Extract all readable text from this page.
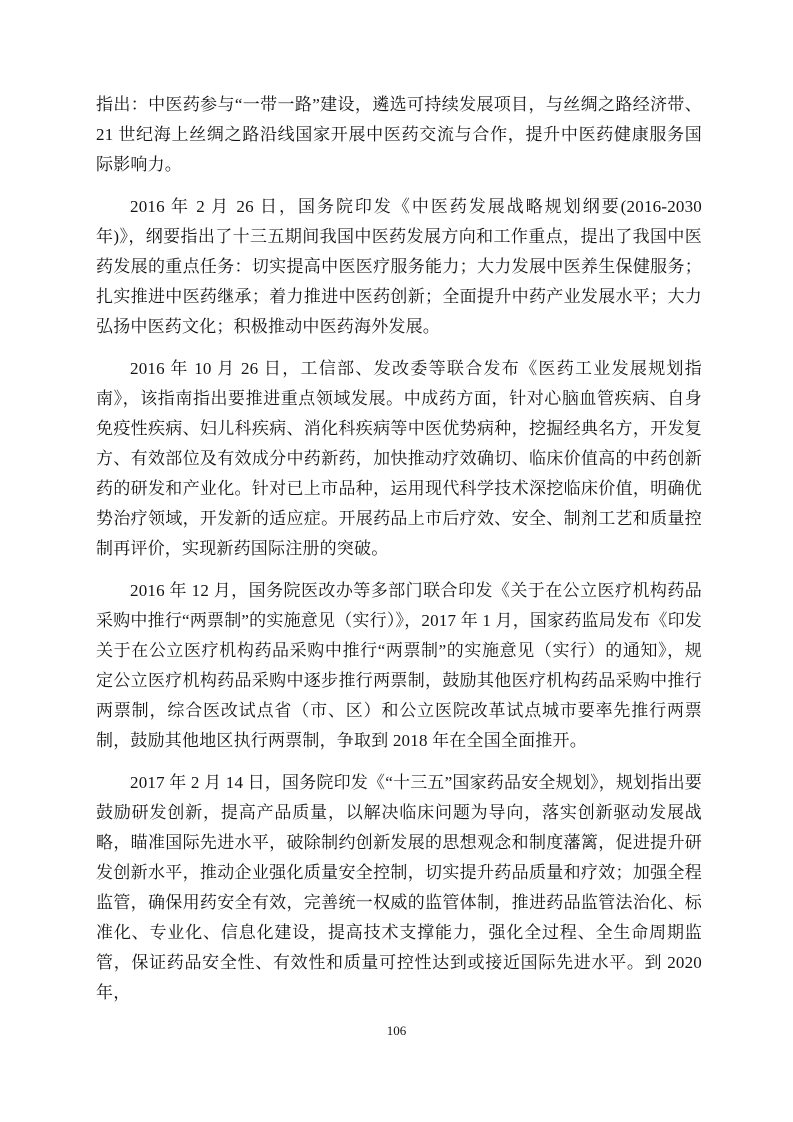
指出：中医药参与“一带一路”建设，遴选可持续发展项目，与丝绸之路经济带、21 世纪海上丝绸之路沿线国家开展中医药交流与合作，提升中医药健康服务国际影响力。

2016 年 2 月 26 日，国务院印发《中医药发展战略规划纲要(2016-2030 年)》，纲要指出了十三五期间我国中医药发展方向和工作重点，提出了我国中医药发展的重点任务：切实提高中医医疗服务能力；大力发展中医养生保健服务；扎实推进中医药继承；着力推进中医药创新；全面提升中药产业发展水平；大力弘扬中医药文化；积极推动中医药海外发展。

2016 年 10 月 26 日，工信部、发改委等联合发布《医药工业发展规划指南》，该指南指出要推进重点领域发展。中成药方面，针对心脑血管疾病、自身免疫性疾病、妇儿科疾病、消化科疾病等中医优势病种，挖掘经典名方，开发复方、有效部位及有效成分中药新药，加快推动疗效确切、临床价值高的中药创新药的研发和产业化。针对已上市品种，运用现代科学技术深挖临床价值，明确优势治疗领域，开发新的适应症。开展药品上市后疗效、安全、制剂工艺和质量控制再评价，实现新药国际注册的突破。

2016 年 12 月，国务院医改办等多部门联合印发《关于在公立医疗机构药品采购中推行“两票制”的实施意见（实行）》，2017 年 1 月，国家药监局发布《印发关于在公立医疗机构药品采购中推行“两票制”的实施意见（实行）的通知》，规定公立医疗机构药品采购中逐步推行两票制，鼓励其他医疗机构药品采购中推行两票制，综合医改试点省（市、区）和公立医院改革试点城市要率先推行两票制，鼓励其他地区执行两票制，争取到 2018 年在全国全面推开。

2017 年 2 月 14 日，国务院印发《“十三五”国家药品安全规划》，规划指出要鼓励研发创新，提高产品质量，以解决临床问题为导向，落实创新驱动发展战略，瞄准国际先进水平，破除制约创新发展的思想观念和制度藩篱，促进提升研发创新水平，推动企业强化质量安全控制，切实提升药品质量和疗效；加强全程监管，确保用药安全有效，完善统一权威的监管体制，推进药品监管法治化、标准化、专业化、信息化建设，提高技术支撑能力，强化全过程、全生命周期监管，保证药品安全性、有效性和质量可控性达到或接近国际先进水平。到 2020 年，

106
